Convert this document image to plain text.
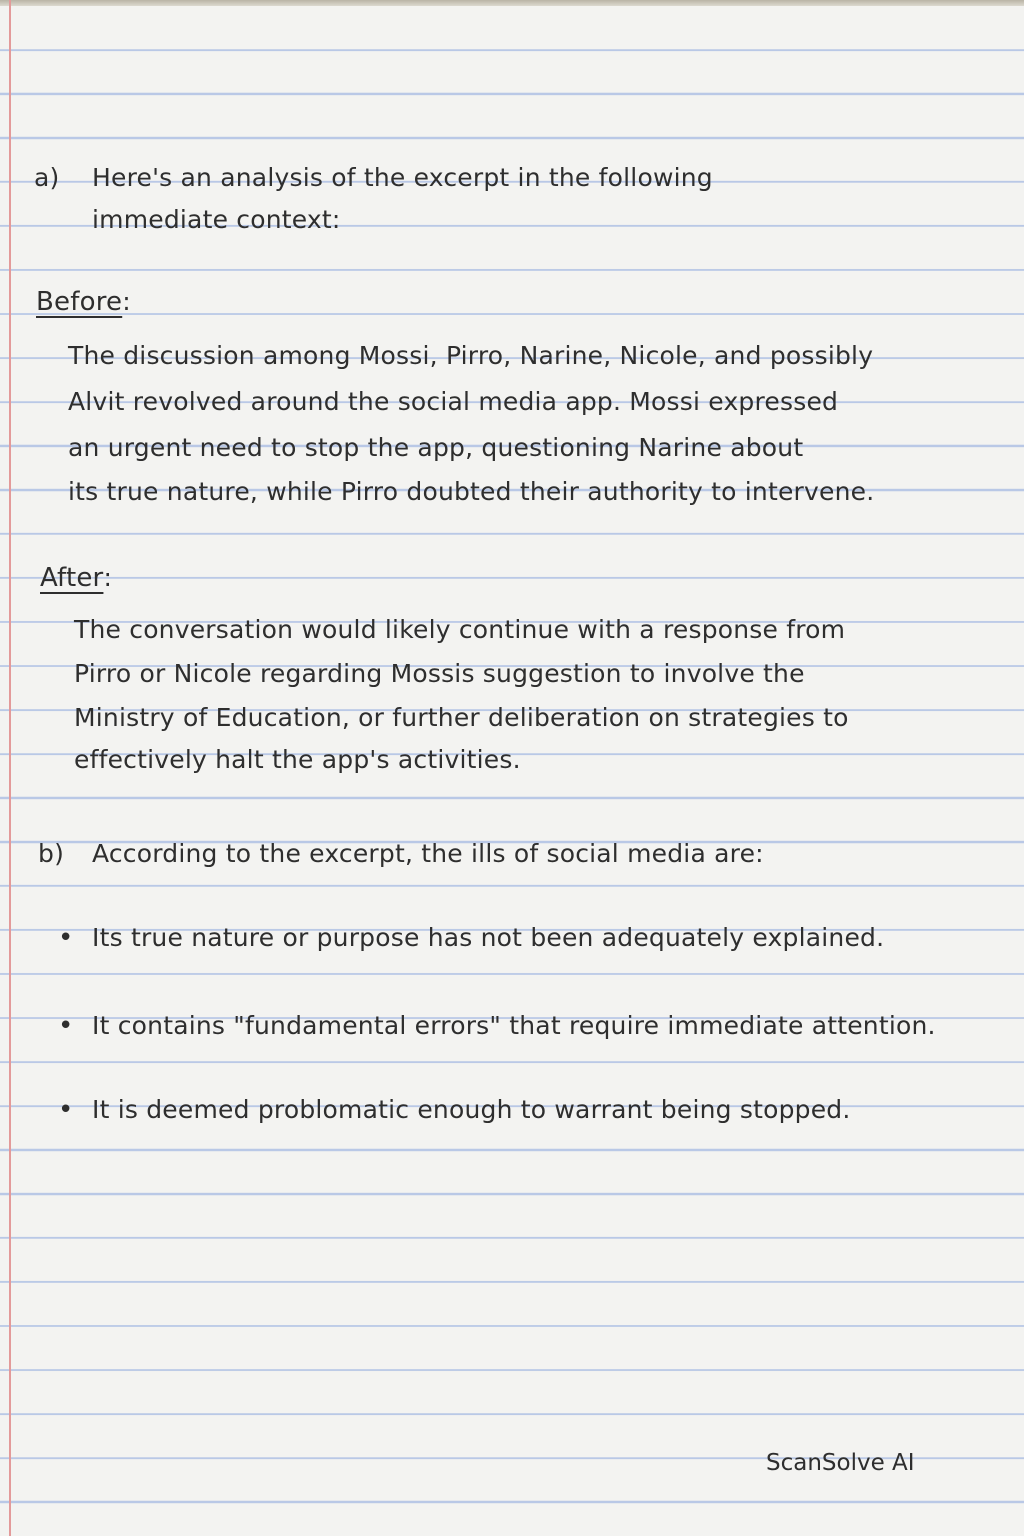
a) Here's an analysis of the excerpt in the following
immediate context:
Before:
The discussion among Mossi, Pirro, Narine, Nicole, and possibly
Alvit revolved around the social media app. Mossi expressed
an urgent need to stop the app, questioning Narine about
its true nature, while Pirro doubted their authority to intervene.
After:
The conversation would likely continue with a response from
Pirro or Nicole regarding Mossis suggestion to involve the
Ministry of Education, or further deliberation on strategies to
effectively halt the app's activities.
b) According to the excerpt, the ills of social media are:
• Its true nature or purpose has not been adequately explained.
• It contains "fundamental errors" that require immediate attention.
• It is deemed problomatic enough to warrant being stopped.
ScanSolve AI
